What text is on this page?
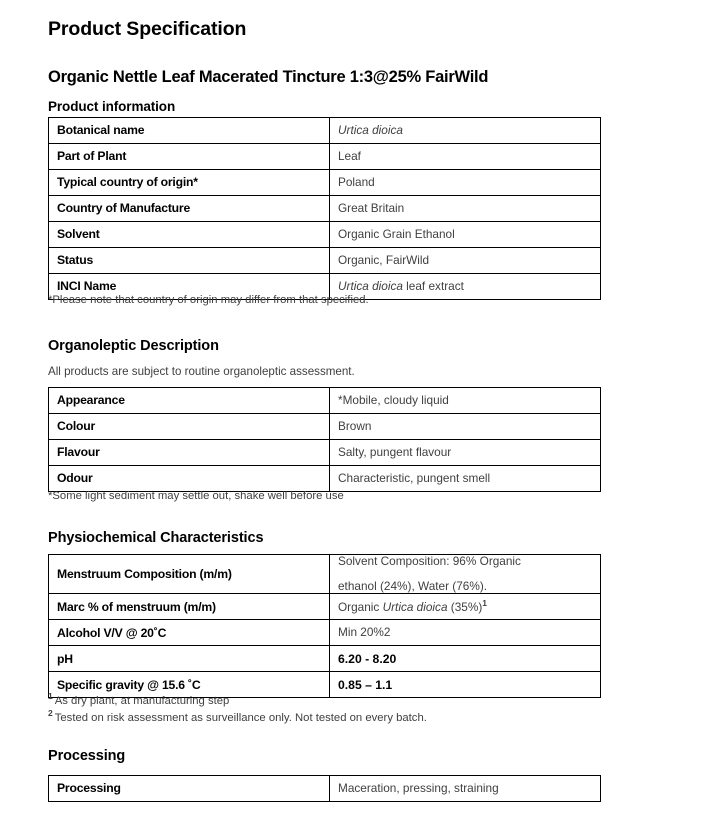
Product Specification
Organic Nettle Leaf Macerated Tincture 1:3@25% FairWild
Product information
Botanical name	Urtica dioica
Part of Plant	Leaf
Typical country of origin*	Poland
Country of Manufacture	Great Britain
Solvent	Organic Grain Ethanol
Status	Organic, FairWild
INCI Name	Urtica dioica leaf extract
*Please note that country of origin may differ from that specified.
Organoleptic Description
All products are subject to routine organoleptic assessment.
Appearance	*Mobile, cloudy liquid
Colour	Brown
Flavour	Salty, pungent flavour
Odour	Characteristic, pungent smell
*Some light sediment may settle out, shake well before use
Physiochemical Characteristics
Menstruum Composition (m/m)	Solvent Composition: 96% Organic
ethanol (24%), Water (76%).

Marc % of menstruum (m/m)	Organic Urtica dioica $(35\%)^1$
Alcohol V/V @ 20˚C	Min 20%2
pH	6.20 - 8.20
Specific gravity @ 15.6 ˚C	0.85 – 1.1
$^1$ As dry plant, at manufacturing step
$^2$ Tested on risk assessment as surveillance only. Not tested on every batch.
Processing
Processing	Maceration, pressing, straining
